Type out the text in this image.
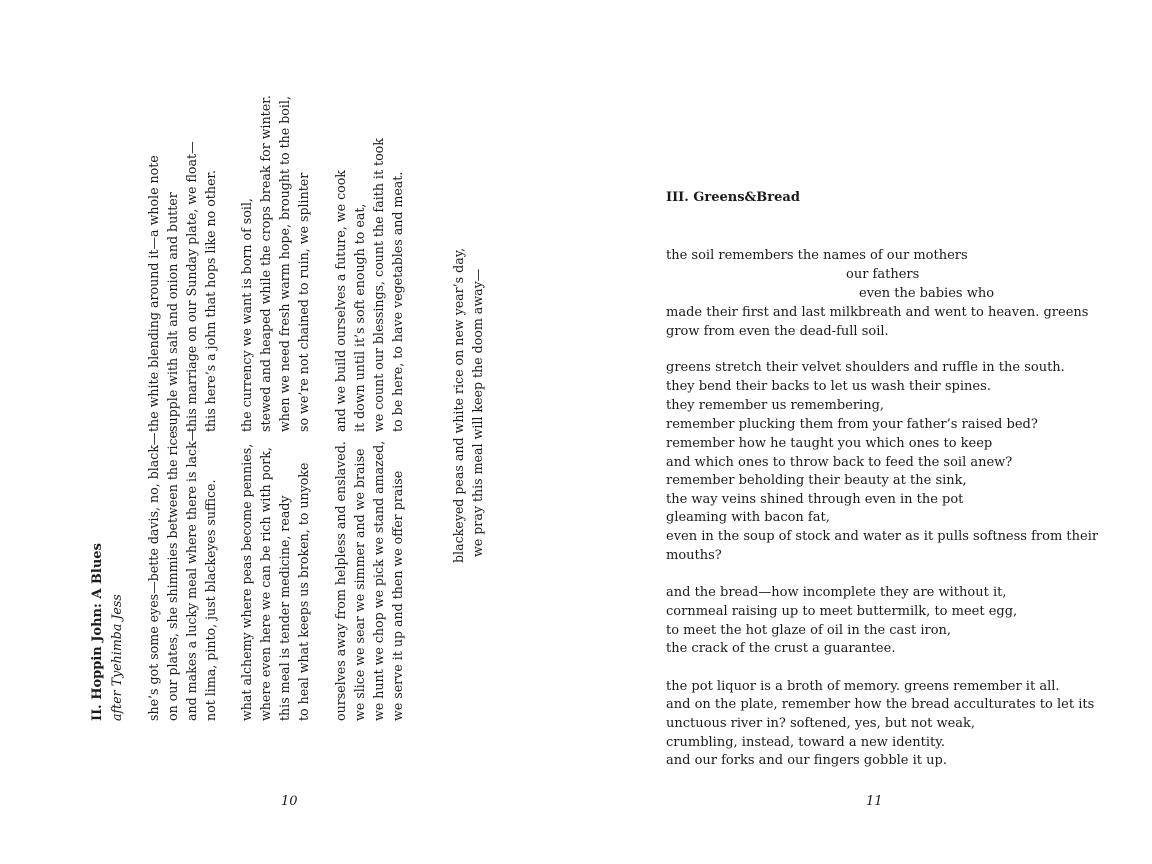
II. Hoppin John: A Blues after Tyehimba Jess she’s got some eyes—bette davis, no, black— on our plates, she shimmies between the rice and makes a lucky meal where there is lack— not lima, pinto, just blackeyes suffice. what alchemy where peas become pennies, where even here we can be rich with pork, this meal is tender medicine, ready to heal what keeps us broken, to unyoke ourselves away from helpless and enslaved. we slice we sear we simmer and we braise we hunt we chop we pick we stand amazed, we serve it up and then we offer praise
the white blending around it—a whole note supple with salt and onion and butter this marriage on our Sunday plate, we float— this here’s a john that hops like no other. the currency we want is born of soil, stewed and heaped while the crops break for winter. when we need fresh warm hope, brought to the boil, so we’re not chained to ruin, we splinter and we build ourselves a future, we cook it down until it’s soft enough to eat, we count our blessings, count the faith it took to be here, to have vegetables and meat.	blackeyed peas and white rice on new year’s day, we pray this meal will keep the doom away—
10
III. Greens&Bread
the soil remembers the names of our mothers
our fathers
even the babies who
made their first and last milkbreath and went to heaven. greens
grow from even the dead-full soil.
greens stretch their velvet shoulders and ruffle in the south.
they bend their backs to let us wash their spines.
they remember us remembering,
remember plucking them from your father’s raised bed?
remember how he taught you which ones to keep
and which ones to throw back to feed the soil anew?
remember beholding their beauty at the sink,
the way veins shined through even in the pot
gleaming with bacon fat,
even in the soup of stock and water as it pulls softness from their
mouths?
and the bread—how incomplete they are without it,
cornmeal raising up to meet buttermilk, to meet egg,
to meet the hot glaze of oil in the cast iron,
the crack of the crust a guarantee.
the pot liquor is a broth of memory. greens remember it all.
and on the plate, remember how the bread acculturates to let its
unctuous river in? softened, yes, but not weak,
crumbling, instead, toward a new identity.
and our forks and our fingers gobble it up.
11
